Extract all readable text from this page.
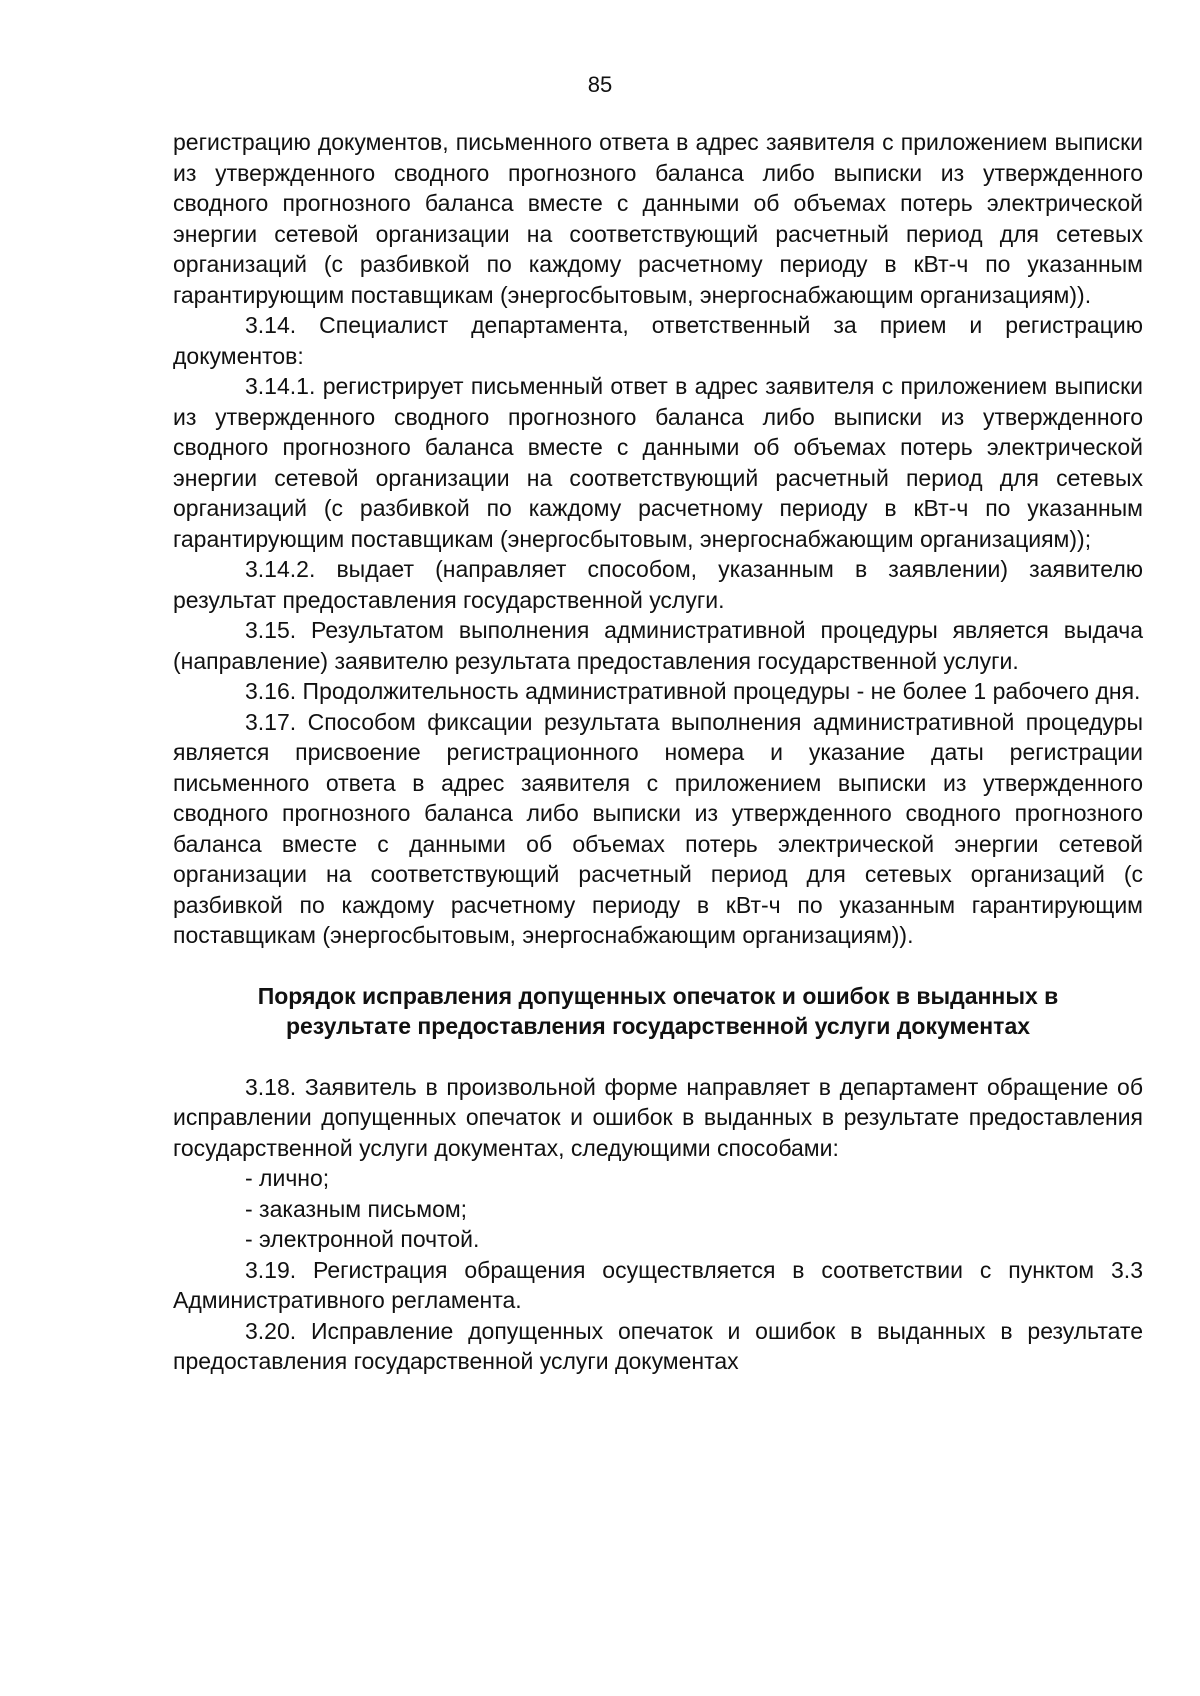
85

регистрацию документов, письменного ответа в адрес заявителя с приложением выписки из утвержденного сводного прогнозного баланса либо выписки из утвержденного сводного прогнозного баланса вместе с данными об объемах потерь электрической энергии сетевой организации на соответствующий расчетный период для сетевых организаций (с разбивкой по каждому расчетному периоду в кВт-ч по указанным гарантирующим поставщикам (энергосбытовым, энергоснабжающим организациям)).

3.14. Специалист департамента, ответственный за прием и регистрацию документов:

3.14.1. регистрирует письменный ответ в адрес заявителя с приложением выписки из утвержденного сводного прогнозного баланса либо выписки из утвержденного сводного прогнозного баланса вместе с данными об объемах потерь электрической энергии сетевой организации на соответствующий расчетный период для сетевых организаций (с разбивкой по каждому расчетному периоду в кВт-ч по указанным гарантирующим поставщикам (энергосбытовым, энергоснабжающим организациям));

3.14.2. выдает (направляет способом, указанным в заявлении) заявителю результат предоставления государственной услуги.

3.15. Результатом выполнения административной процедуры является выдача (направление) заявителю результата предоставления государственной услуги.

3.16. Продолжительность административной процедуры - не более 1 рабочего дня.

3.17. Способом фиксации результата выполнения административной процедуры является присвоение регистрационного номера и указание даты регистрации письменного ответа в адрес заявителя с приложением выписки из утвержденного сводного прогнозного баланса либо выписки из утвержденного сводного прогнозного баланса вместе с данными об объемах потерь электрической энергии сетевой организации на соответствующий расчетный период для сетевых организаций (с разбивкой по каждому расчетному периоду в кВт-ч по указанным гарантирующим поставщикам (энергосбытовым, энергоснабжающим организациям)).

Порядок исправления допущенных опечаток и ошибок в выданных в результате предоставления государственной услуги документах

3.18. Заявитель в произвольной форме направляет в департамент обращение об исправлении допущенных опечаток и ошибок в выданных в результате предоставления государственной услуги документах, следующими способами:

- лично;

- заказным письмом;

- электронной почтой.

3.19. Регистрация обращения осуществляется в соответствии с пунктом 3.3 Административного регламента.

3.20. Исправление допущенных опечаток и ошибок в выданных в результате предоставления государственной услуги документах
